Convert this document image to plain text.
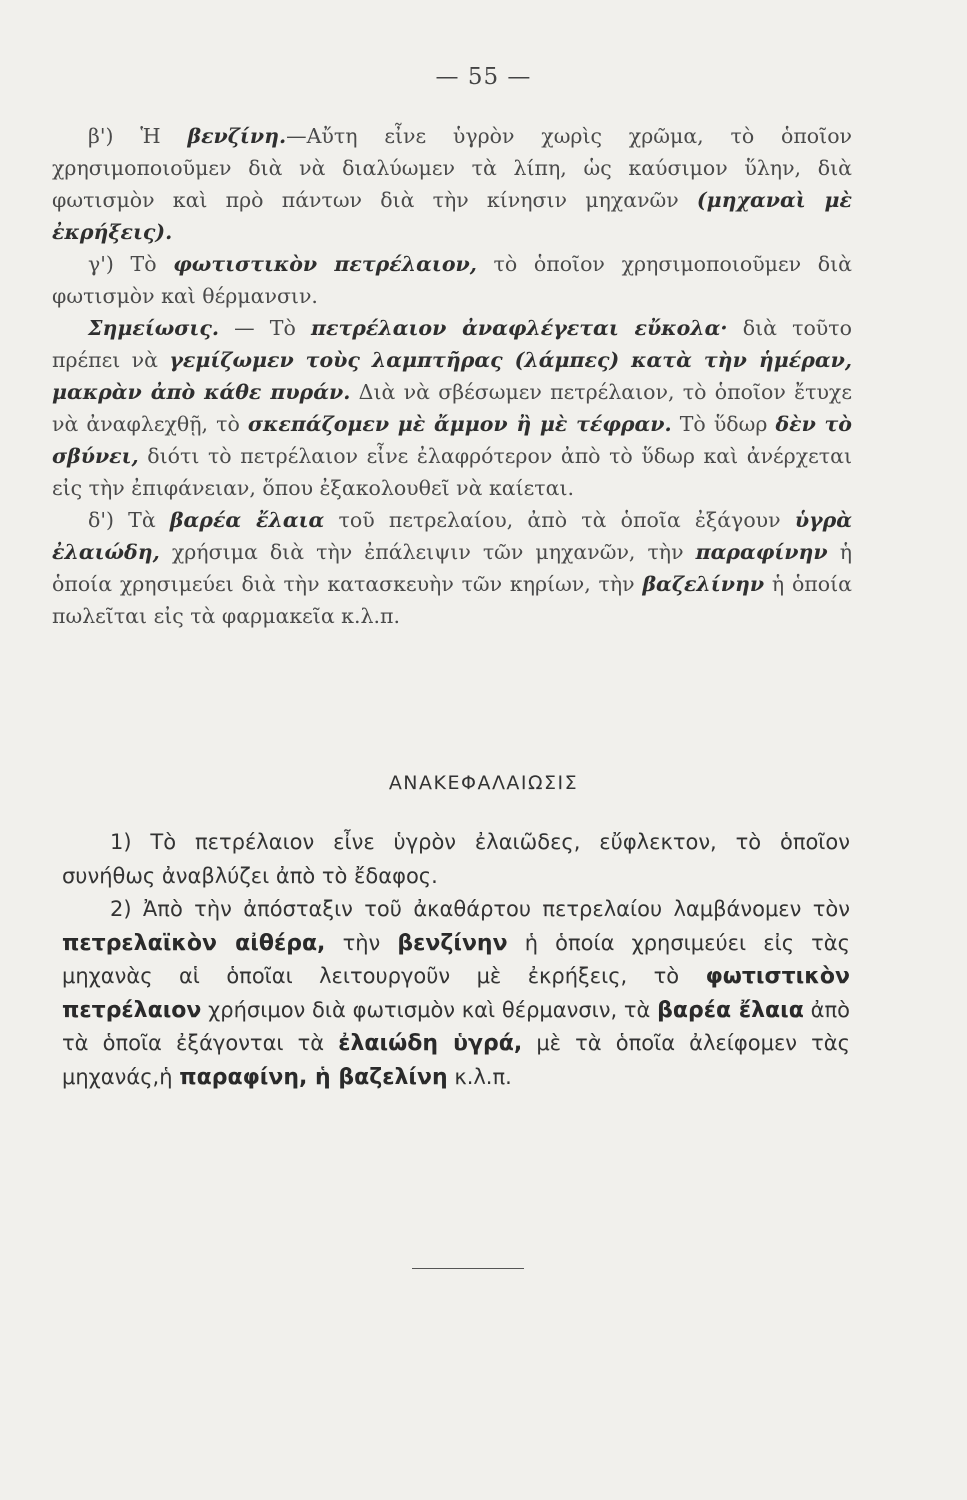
— 55 —

β') Ἡ βενζίνη.—Αὔτη εἶνε ὑγρὸν χωρὶς χρῶμα, τὸ ὁποῖον χρησιμοποιοῦμεν διὰ νὰ διαλύωμεν τὰ λίπη, ὡς καύσιμον ὕλην, διὰ φωτισμὸν καὶ πρὸ πάντων διὰ τὴν κίνησιν μηχανῶν (μηχαναὶ μὲ ἐκρήξεις).

γ') Τὸ φωτιστικὸν πετρέλαιον, τὸ ὁποῖον χρησιμοποιοῦμεν διὰ φωτισμὸν καὶ θέρμανσιν.

Σημείωσις. — Τὸ πετρέλαιον ἀναφλέγεται εὔκολα· διὰ τοῦτο πρέπει νὰ γεμίζωμεν τοὺς λαμπτῆρας (λάμπες) κατὰ τὴν ἡμέραν, μακρὰν ἀπὸ κάθε πυράν. Διὰ νὰ σβέσωμεν πετρέλαιον, τὸ ὁποῖον ἔτυχε νὰ ἀναφλεχθῇ, τὸ σκεπάζομεν μὲ ἄμμον ἢ μὲ τέφραν. Τὸ ὕδωρ δὲν τὸ σβύνει, διότι τὸ πετρέλαιον εἶνε ἐλαφρότερον ἀπὸ τὸ ὕδωρ καὶ ἀνέρχεται εἰς τὴν ἐπιφάνειαν, ὅπου ἐξακολουθεῖ νὰ καίεται.

δ') Τὰ βαρέα ἔλαια τοῦ πετρελαίου, ἀπὸ τὰ ὁποῖα ἐξάγουν ὑγρὰ ἐλαιώδη, χρήσιμα διὰ τὴν ἐπάλειψιν τῶν μηχανῶν, τὴν παραφίνην ἡ ὁποία χρησιμεύει διὰ τὴν κατασκευὴν τῶν κηρίων, τὴν βαζελίνην ἡ ὁποία πωλεῖται εἰς τὰ φαρμακεῖα κ.λ.π.

ΑΝΑΚΕΦΑΛΑΙΩΣΙΣ

1) Τὸ πετρέλαιον εἶνε ὑγρὸν ἐλαιῶδες, εὔφλεκτον, τὸ ὁποῖον συνήθως ἀναβλύζει ἀπὸ τὸ ἔδαφος.

2) Ἀπὸ τὴν ἀπόσταξιν τοῦ ἀκαθάρτου πετρελαίου λαμβάνομεν τὸν πετρελαϊκὸν αἰθέρα, τὴν βενζίνην ἡ ὁποία χρησιμεύει εἰς τὰς μηχανὰς αἱ ὁποῖαι λειτουργοῦν μὲ ἐκρήξεις, τὸ φωτιστικὸν πετρέλαιον χρήσιμον διὰ φωτισμὸν καὶ θέρμανσιν, τὰ βαρέα ἔλαια ἀπὸ τὰ ὁποῖα ἐξάγονται τὰ ἐλαιώδη ὑγρά, μὲ τὰ ὁποῖα ἀλείφομεν τὰς μηχανάς,ἡ παραφίνη, ἡ βαζελίνη κ.λ.π.
